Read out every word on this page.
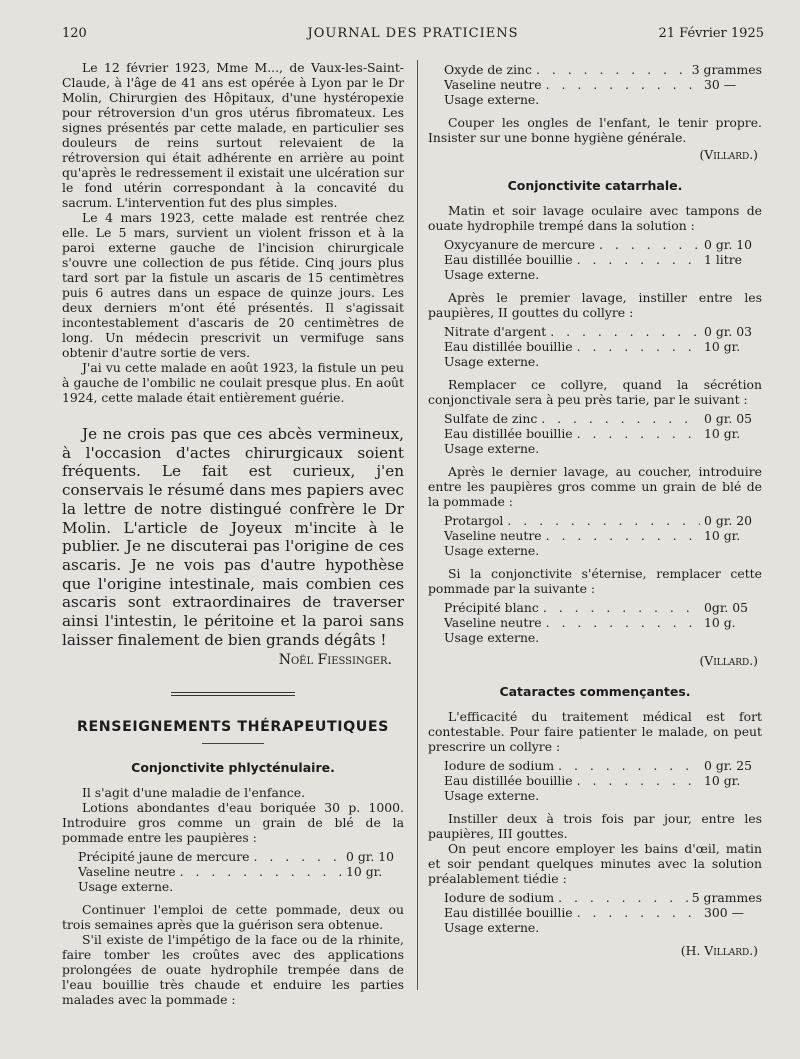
120	JOURNAL DES PRATICIENS	21 Février 1925

Le 12 février 1923, Mme M..., de Vaux-les-Saint-Claude, à l'âge de 41 ans est opérée à Lyon par le Dr Molin, Chirurgien des Hôpitaux, d'une hystéropexie pour rétroversion d'un gros utérus fibromateux. Les signes présentés par cette malade, en particulier ses douleurs de reins surtout relevaient de la rétroversion qui était adhérente en arrière au point qu'après le redressement il existait une ulcération sur le fond utérin correspondant à la concavité du sacrum. L'intervention fut des plus simples.

Le 4 mars 1923, cette malade est rentrée chez elle. Le 5 mars, survient un violent frisson et à la paroi externe gauche de l'incision chirurgicale s'ouvre une collection de pus fétide. Cinq jours plus tard sort par la fistule un ascaris de 15 centimètres puis 6 autres dans un espace de quinze jours. Les deux derniers m'ont été présentés. Il s'agissait incontestablement d'ascaris de 20 centimètres de long. Un médecin prescrivit un vermifuge sans obtenir d'autre sortie de vers.

J'ai vu cette malade en août 1923, la fistule un peu à gauche de l'ombilic ne coulait presque plus. En août 1924, cette malade était entièrement guérie.

Je ne crois pas que ces abcès vermineux, à l'occasion d'actes chirurgicaux soient fréquents. Le fait est curieux, j'en conservais le résumé dans mes papiers avec la lettre de notre distingué confrère le Dr Molin. L'article de Joyeux m'incite à le publier. Je ne discuterai pas l'origine de ces ascaris. Je ne vois pas d'autre hypothèse que l'origine intestinale, mais combien ces ascaris sont extraordinaires de traverser ainsi l'intestin, le péritoine et la paroi sans laisser finalement de bien grands dégâts !

Noël Fiessinger.

RENSEIGNEMENTS THÉRAPEUTIQUES
Conjonctivite phlycténulaire.

Il s'agit d'une maladie de l'enfance.

Lotions abondantes d'eau boriquée 30 p. 1000. Introduire gros comme un grain de blé de la pommade entre les paupières :

Précipité jaune de mercure . . .	0 gr. 10
Vaseline neutre . . .	10 gr.
Usage externe.

Continuer l'emploi de cette pommade, deux ou trois semaines après que la guérison sera obtenue.

S'il existe de l'impétigo de la face ou de la rhinite, faire tomber les croûtes avec des applications prolongées de ouate hydrophile trempée dans de l'eau bouillie très chaude et enduire les parties malades avec la pommade :

Oxyde de zinc . . .	3 grammes
Vaseline neutre . . .	30 —
Usage externe.

Couper les ongles de l'enfant, le tenir propre. Insister sur une bonne hygiène générale.

(Villard.)
Conjonctivite catarrhale.

Matin et soir lavage oculaire avec tampons de ouate hydrophile trempé dans la solution :

Oxycyanure de mercure . . .	0 gr. 10
Eau distillée bouillie . . .	1 litre
Usage externe.

Après le premier lavage, instiller entre les paupières, II gouttes du collyre :

Nitrate d'argent . . .	0 gr. 03
Eau distillée bouillie . . .	10 gr.
Usage externe.

Remplacer ce collyre, quand la sécrétion conjonctivale sera à peu près tarie, par le suivant :

Sulfate de zinc . . .	0 gr. 05
Eau distillée bouillie . . .	10 gr.
Usage externe.

Après le dernier lavage, au coucher, introduire entre les paupières gros comme un grain de blé de la pommade :

Protargol . . .	0 gr. 20
Vaseline neutre . . .	10 gr.
Usage externe.

Si la conjonctivite s'éternise, remplacer cette pommade par la suivante :

Précipité blanc . . .	0gr. 05
Vaseline neutre . . .	10 g.
Usage externe.
(Villard.)
Cataractes commençantes.

L'efficacité du traitement médical est fort contestable. Pour faire patienter le malade, on peut prescrire un collyre :

Iodure de sodium . . .	0 gr. 25
Eau distillée bouillie . . .	10 gr.
Usage externe.

Instiller deux à trois fois par jour, entre les paupières, III gouttes.

On peut encore employer les bains d'œil, matin et soir pendant quelques minutes avec la solution préalablement tiédie :

Iodure de sodium . . .	5 grammes
Eau distillée bouillie . . .	300 —
Usage externe.
(H. Villard.)
